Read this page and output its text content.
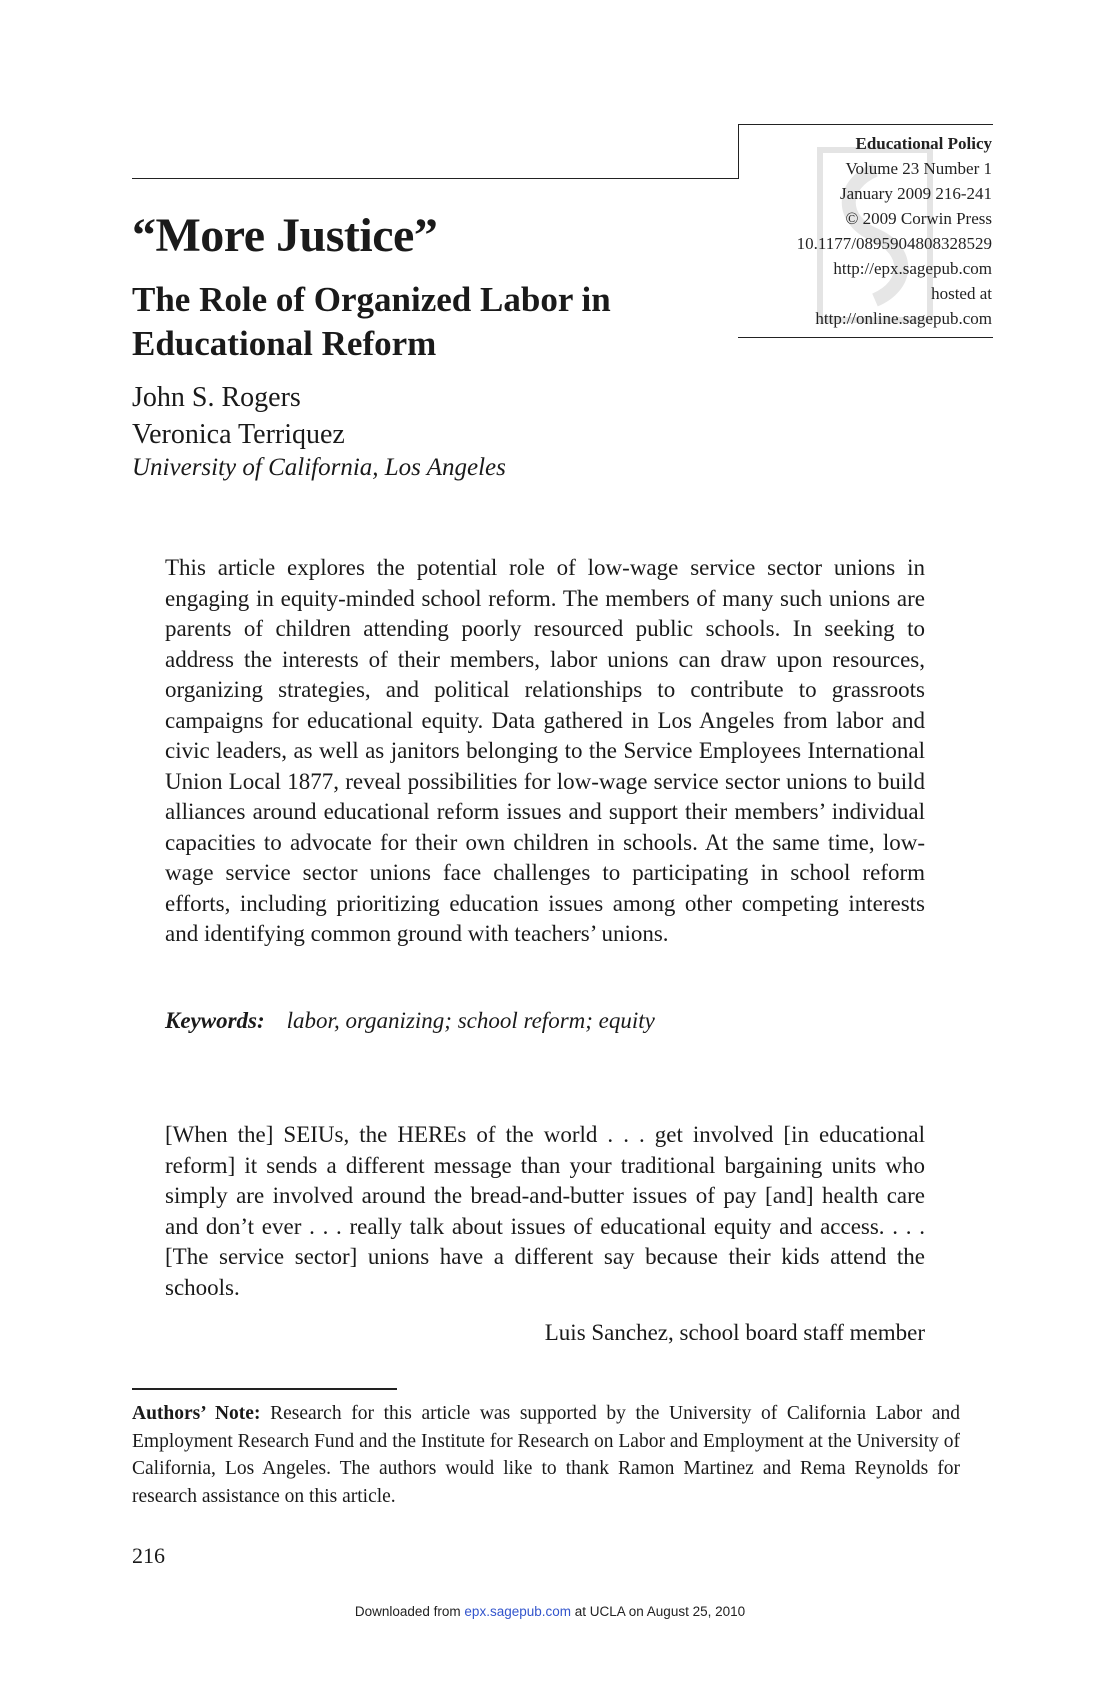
Educational Policy
Volume 23 Number 1
January 2009 216-241
© 2009 Corwin Press
10.1177/0895904808328529
http://epx.sagepub.com
hosted at
http://online.sagepub.com
“More Justice”
The Role of Organized Labor in Educational Reform
John S. Rogers
Veronica Terriquez
University of California, Los Angeles

This article explores the potential role of low-wage service sector unions in engaging in equity-minded school reform. The members of many such unions are parents of children attending poorly resourced public schools. In seeking to address the interests of their members, labor unions can draw upon resources, organizing strategies, and political relationships to contribute to grassroots campaigns for educational equity. Data gathered in Los Angeles from labor and civic leaders, as well as janitors belonging to the Service Employees International Union Local 1877, reveal possibilities for low-wage service sector unions to build alliances around educational reform issues and support their members’ individual capacities to advocate for their own children in schools. At the same time, low-wage service sector unions face challenges to participating in school reform efforts, including prioritizing education issues among other competing interests and identifying common ground with teachers’ unions.

Keywords: labor, organizing; school reform; equity

[When the] SEIUs, the HEREs of the world . . . get involved [in educational reform] it sends a different message than your traditional bargaining units who simply are involved around the bread-and-butter issues of pay [and] health care and don’t ever . . . really talk about issues of educational equity and access. . . . [The service sector] unions have a different say because their kids attend the schools.

Luis Sanchez, school board staff member

Authors’ Note: Research for this article was supported by the University of California Labor and Employment Research Fund and the Institute for Research on Labor and Employment at the University of California, Los Angeles. The authors would like to thank Ramon Martinez and Rema Reynolds for research assistance on this article.

216
Downloaded from epx.sagepub.com at UCLA on August 25, 2010
